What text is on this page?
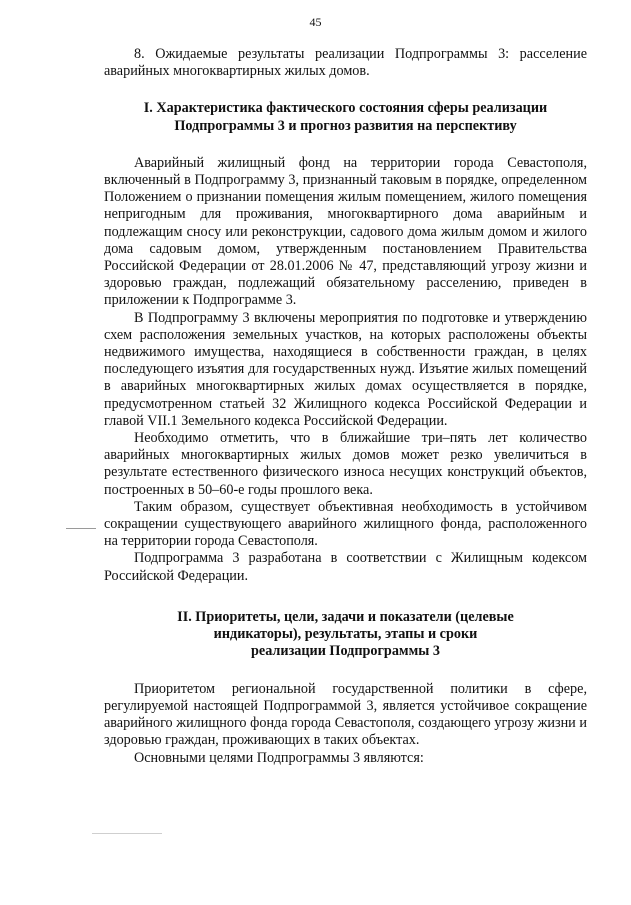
45

8. Ожидаемые результаты реализации Подпрограммы 3: расселение аварийных многоквартирных жилых домов.

I. Характеристика фактического состояния сферы реализации
Подпрограммы 3 и прогноз развития на перспективу

Аварийный жилищный фонд на территории города Севастополя, включенный в Подпрограмму 3, признанный таковым в порядке, определенном Положением о признании помещения жилым помещением, жилого помещения непригодным для проживания, многоквартирного дома аварийным и подлежащим сносу или реконструкции, садового дома жилым домом и жилого дома садовым домом, утвержденным постановлением Правительства Российской Федерации от 28.01.2006 № 47, представляющий угрозу жизни и здоровью граждан, подлежащий обязательному расселению, приведен в приложении к Подпрограмме 3.

В Подпрограмму 3 включены мероприятия по подготовке и утверждению схем расположения земельных участков, на которых расположены объекты недвижимого имущества, находящиеся в собственности граждан, в целях последующего изъятия для государственных нужд. Изъятие жилых помещений в аварийных многоквартирных жилых домах осуществляется в порядке, предусмотренном статьей 32 Жилищного кодекса Российской Федерации и главой VII.1 Земельного кодекса Российской Федерации.

Необходимо отметить, что в ближайшие три–пять лет количество аварийных многоквартирных жилых домов может резко увеличиться в результате естественного физического износа несущих конструкций объектов, построенных в 50–60-е годы прошлого века.

Таким образом, существует объективная необходимость в устойчивом сокращении существующего аварийного жилищного фонда, расположенного на территории города Севастополя.

Подпрограмма 3 разработана в соответствии с Жилищным кодексом Российской Федерации.

II. Приоритеты, цели, задачи и показатели (целевые
индикаторы), результаты, этапы и сроки
реализации Подпрограммы 3

Приоритетом региональной государственной политики в сфере, регулируемой настоящей Подпрограммой 3, является устойчивое сокращение аварийного жилищного фонда города Севастополя, создающего угрозу жизни и здоровью граждан, проживающих в таких объектах.

Основными целями Подпрограммы 3 являются:
